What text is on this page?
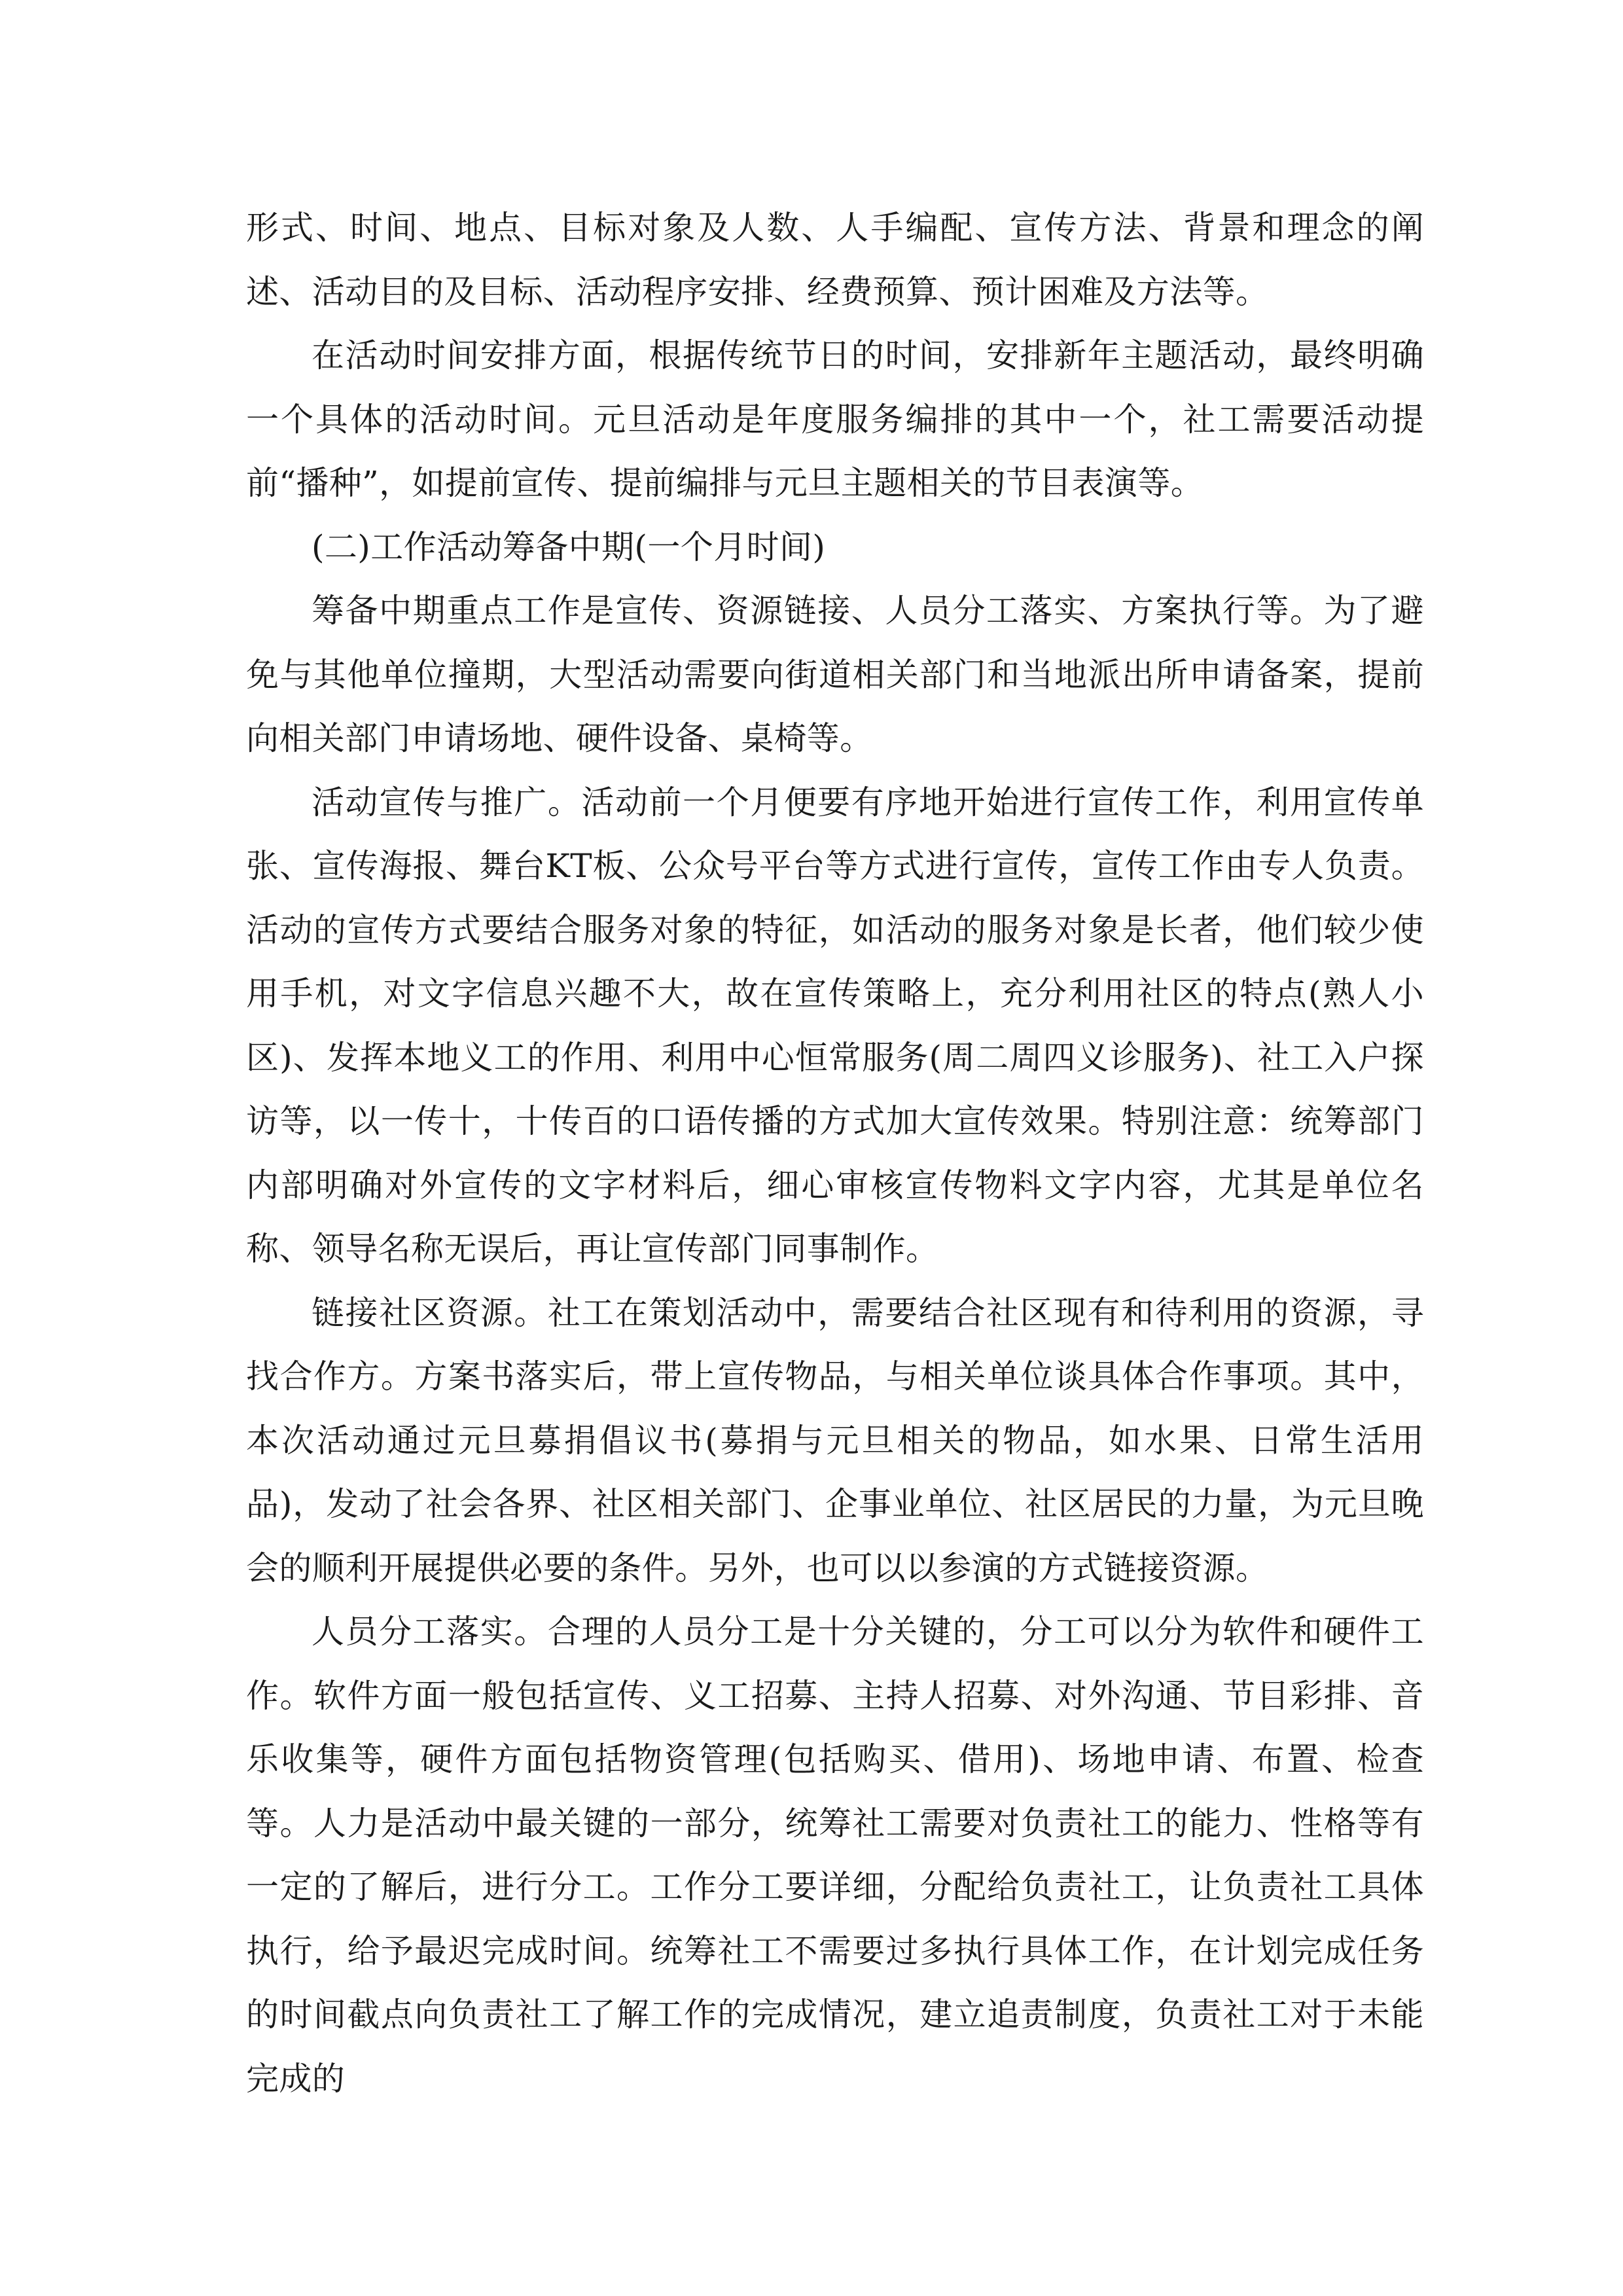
形式、时间、地点、目标对象及人数、人手编配、宣传方法、背景和理念的阐述、活动目的及目标、活动程序安排、经费预算、预计困难及方法等。

在活动时间安排方面，根据传统节日的时间，安排新年主题活动，最终明确一个具体的活动时间。元旦活动是年度服务编排的其中一个，社工需要活动提前“播种”，如提前宣传、提前编排与元旦主题相关的节目表演等。

(二)工作活动筹备中期(一个月时间)

筹备中期重点工作是宣传、资源链接、人员分工落实、方案执行等。为了避免与其他单位撞期，大型活动需要向街道相关部门和当地派出所申请备案，提前向相关部门申请场地、硬件设备、桌椅等。

活动宣传与推广。活动前一个月便要有序地开始进行宣传工作，利用宣传单张、宣传海报、舞台KT板、公众号平台等方式进行宣传，宣传工作由专人负责。活动的宣传方式要结合服务对象的特征，如活动的服务对象是长者，他们较少使用手机，对文字信息兴趣不大，故在宣传策略上，充分利用社区的特点(熟人小区)、发挥本地义工的作用、利用中心恒常服务(周二周四义诊服务)、社工入户探访等，以一传十，十传百的口语传播的方式加大宣传效果。特别注意：统筹部门内部明确对外宣传的文字材料后，细心审核宣传物料文字内容，尤其是单位名称、领导名称无误后，再让宣传部门同事制作。

链接社区资源。社工在策划活动中，需要结合社区现有和待利用的资源，寻找合作方。方案书落实后，带上宣传物品，与相关单位谈具体合作事项。其中，本次活动通过元旦募捐倡议书(募捐与元旦相关的物品，如水果、日常生活用品)，发动了社会各界、社区相关部门、企事业单位、社区居民的力量，为元旦晚会的顺利开展提供必要的条件。另外，也可以以参演的方式链接资源。

人员分工落实。合理的人员分工是十分关键的，分工可以分为软件和硬件工作。软件方面一般包括宣传、义工招募、主持人招募、对外沟通、节目彩排、音乐收集等，硬件方面包括物资管理(包括购买、借用)、场地申请、布置、检查等。人力是活动中最关键的一部分，统筹社工需要对负责社工的能力、性格等有一定的了解后，进行分工。工作分工要详细，分配给负责社工，让负责社工具体执行，给予最迟完成时间。统筹社工不需要过多执行具体工作，在计划完成任务的时间截点向负责社工了解工作的完成情况，建立追责制度，负责社工对于未能完成的
